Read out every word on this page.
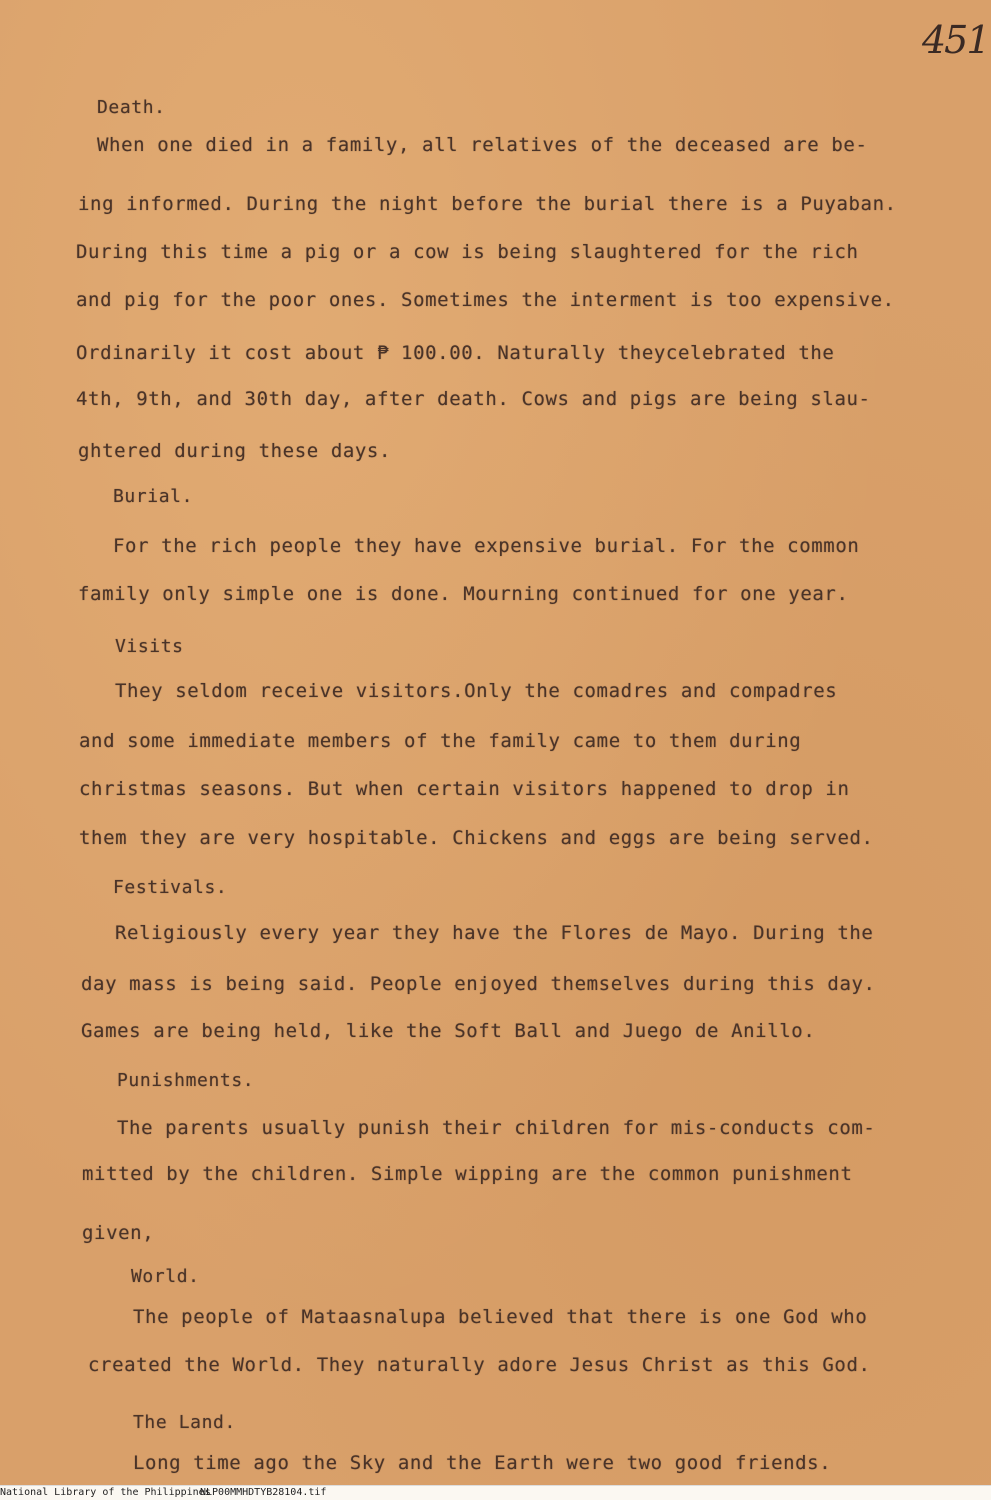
451
Death.
When one died in a family, all relatives of the deceased are be-
ing informed. During the night before the burial there is a Puyaban.
During this time a pig or a cow is being slaughtered for the rich
and pig for the poor ones. Sometimes the interment is too expensive.
Ordinarily it cost about ₱ 100.00. Naturally theycelebrated the
4th, 9th, and 30th day, after death. Cows and pigs are being slau-
ghtered during these days.
Burial.
For the rich people they have expensive burial. For the common
family only simple one is done. Mourning continued for one year.
Visits
They seldom receive visitors.Only the comadres and compadres
and some immediate members of the family came to them during
christmas seasons. But when certain visitors happened to drop in
them they are very hospitable. Chickens and eggs are being served.
Festivals.
Religiously every year they have the Flores de Mayo. During the
day mass is being said. People enjoyed themselves during this day.
Games are being held, like the Soft Ball and Juego de Anillo.
Punishments.
The parents usually punish their children for mis-conducts com-
mitted by the children. Simple wipping are the common punishment
given,
World.
The people of Mataasnalupa believed that there is one God who
created the World. They naturally adore Jesus Christ as this God.
The Land.
Long time ago the Sky and the Earth were two good friends.
National Library of the Philippines
NLP00MMHDTYB28104.tif
